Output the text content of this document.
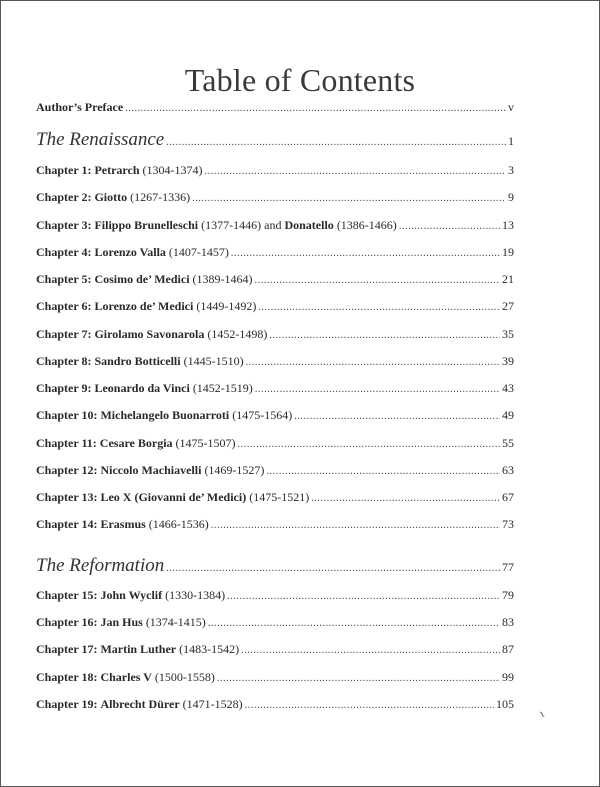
Table of Contents
Author’s Preface .....	v
The Renaissance .....	1
Chapter 1:
Petrarch (1304-1374) .....	3
Chapter 2:
Giotto (1267-1336) .....	9
Chapter 3:
Filippo Brunelleschi (1377-1446) and Donatello (1386-1466) .....	13
Chapter 4:
Lorenzo Valla (1407-1457) .....	19
Chapter 5:
Cosimo de’ Medici (1389-1464) .....	21
Chapter 6:
Lorenzo de’ Medici (1449-1492) .....	27
Chapter 7:
Girolamo Savonarola (1452-1498) .....	35
Chapter 8:
Sandro Botticelli (1445-1510) .....	39
Chapter 9:
Leonardo da Vinci (1452-1519) .....	43
Chapter 10:
Michelangelo Buonarroti (1475-1564) .....	49
Chapter 11:
Cesare Borgia (1475-1507) .....	55
Chapter 12:
Niccolo Machiavelli (1469-1527) .....	63
Chapter 13:
Leo X (Giovanni de’ Medici) (1475-1521) .....	67
Chapter 14:
Erasmus (1466-1536) .....	73
The Reformation .....	77
Chapter 15:
John Wyclif (1330-1384) .....	79
Chapter 16:
Jan Hus (1374-1415) .....	83
Chapter 17:
Martin Luther (1483-1542) .....	87
Chapter 18:
Charles V (1500-1558) .....	99
Chapter 19:
Albrecht Dürer (1471-1528) .....	105
ı
